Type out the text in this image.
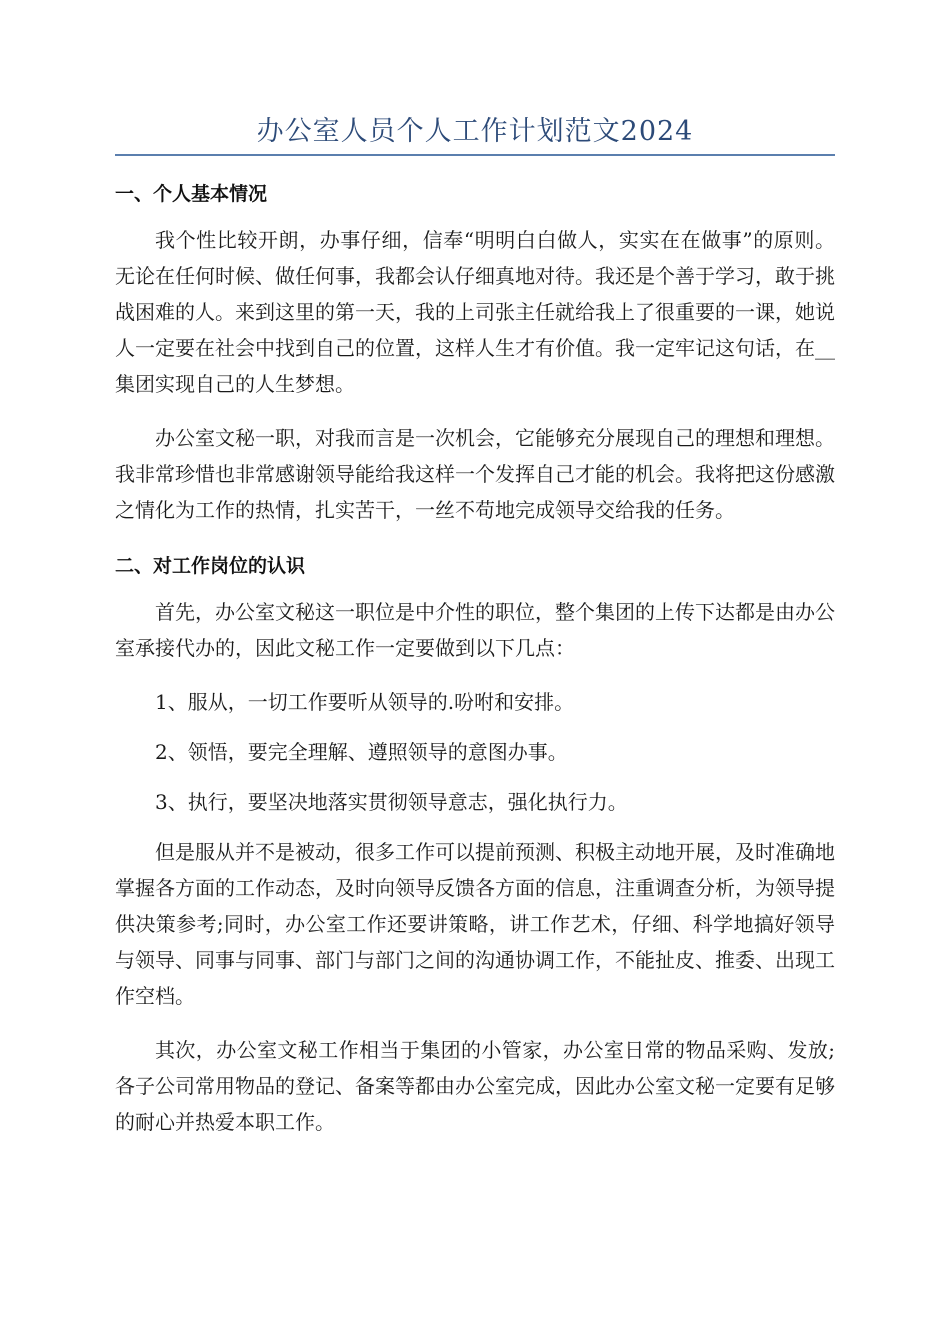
办公室人员个人工作计划范文2024
一、个人基本情况

我个性比较开朗，办事仔细，信奉“明明白白做人，实实在在做事”的原则。无论在任何时候、做任何事，我都会认仔细真地对待。我还是个善于学习，敢于挑战困难的人。来到这里的第一天，我的上司张主任就给我上了很重要的一课，她说人一定要在社会中找到自己的位置，这样人生才有价值。我一定牢记这句话，在__集团实现自己的人生梦想。

办公室文秘一职，对我而言是一次机会，它能够充分展现自己的理想和理想。我非常珍惜也非常感谢领导能给我这样一个发挥自己才能的机会。我将把这份感激之情化为工作的热情，扎实苦干，一丝不苟地完成领导交给我的任务。

二、对工作岗位的认识

首先，办公室文秘这一职位是中介性的职位，整个集团的上传下达都是由办公室承接代办的，因此文秘工作一定要做到以下几点：

1、服从，一切工作要听从领导的.吩咐和安排。

2、领悟，要完全理解、遵照领导的意图办事。

3、执行，要坚决地落实贯彻领导意志，强化执行力。

但是服从并不是被动，很多工作可以提前预测、积极主动地开展，及时准确地掌握各方面的工作动态，及时向领导反馈各方面的信息，注重调查分析，为领导提供决策参考;同时，办公室工作还要讲策略，讲工作艺术，仔细、科学地搞好领导与领导、同事与同事、部门与部门之间的沟通协调工作，不能扯皮、推委、出现工作空档。

其次，办公室文秘工作相当于集团的小管家，办公室日常的物品采购、发放;各子公司常用物品的登记、备案等都由办公室完成，因此办公室文秘一定要有足够的耐心并热爱本职工作。
